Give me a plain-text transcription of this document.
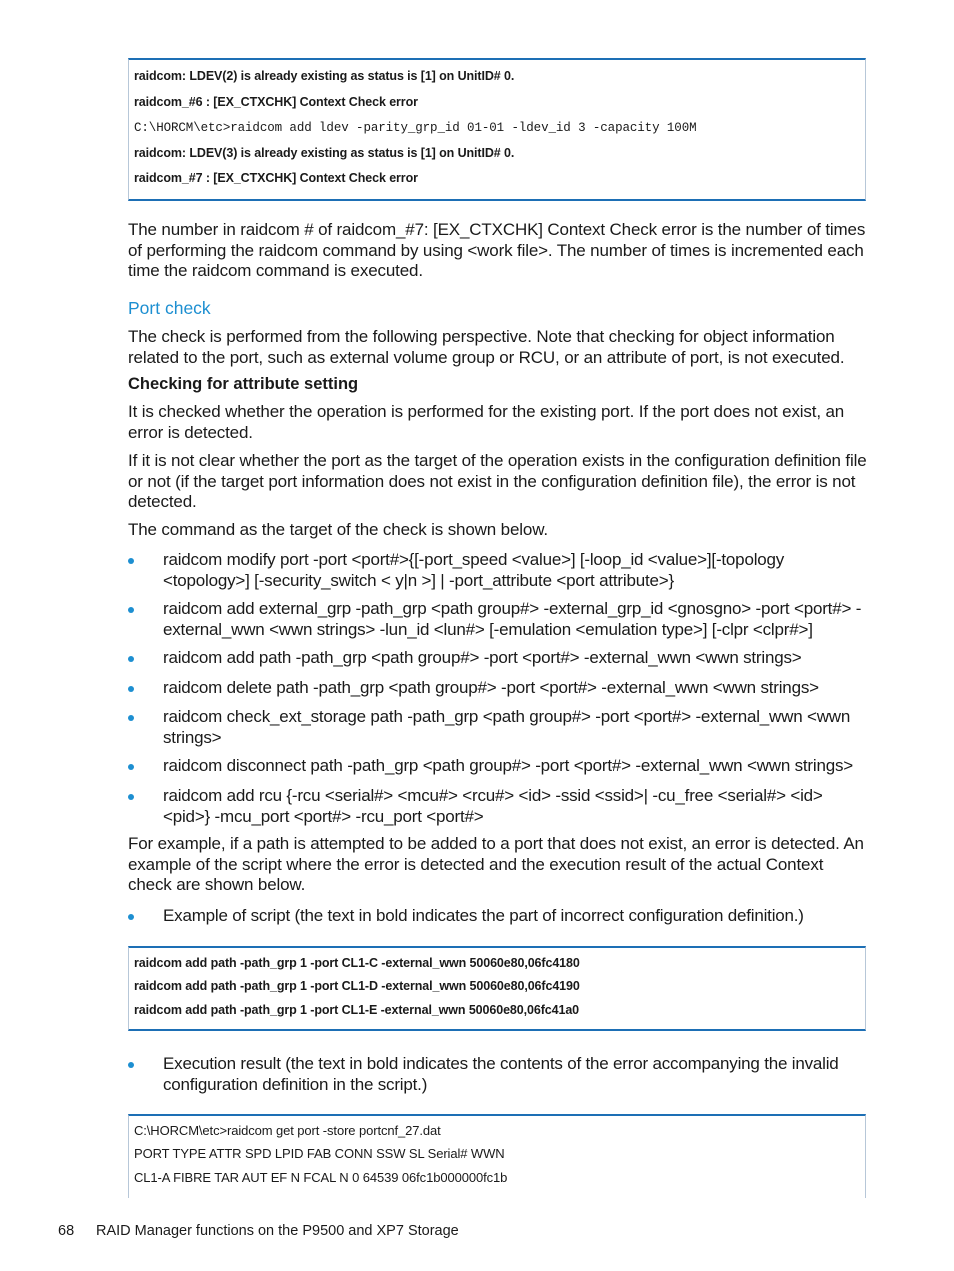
raidcom: LDEV(2) is already existing as status is [1] on UnitID# 0.
raidcom_#6 : [EX_CTXCHK] Context Check error
C:\HORCM\etc>raidcom add ldev -parity_grp_id 01-01 -ldev_id 3 -capacity 100M
raidcom: LDEV(3) is already existing as status is [1] on UnitID# 0.
raidcom_#7 : [EX_CTXCHK] Context Check error
The number in raidcom # of raidcom_#7: [EX_CTXCHK] Context Check error is the number of times of performing the raidcom command by using <work file>. The number of times is incremented each time the raidcom command is executed.
Port check
The check is performed from the following perspective. Note that checking for object information related to the port, such as external volume group or RCU, or an attribute of port, is not executed.
Checking for attribute setting
It is checked whether the operation is performed for the existing port. If the port does not exist, an error is detected.
If it is not clear whether the port as the target of the operation exists in the configuration definition file or not (if the target port information does not exist in the configuration definition file), the error is not detected.
The command as the target of the check is shown below.
raidcom modify port -port <port#>{[-port_speed <value>] [-loop_id <value>][-topology <topology>] [-security_switch < y|n >] | -port_attribute <port attribute>}
raidcom add external_grp -path_grp <path group#> -external_grp_id <gnosgno> -port <port#> -external_wwn <wwn strings> -lun_id <lun#> [-emulation <emulation type>] [-clpr <clpr#>]
raidcom add path -path_grp <path group#> -port <port#> -external_wwn <wwn strings>
raidcom delete path -path_grp <path group#> -port <port#> -external_wwn <wwn strings>
raidcom check_ext_storage path -path_grp <path group#> -port <port#> -external_wwn <wwn strings>
raidcom disconnect path -path_grp <path group#> -port <port#> -external_wwn <wwn strings>
raidcom add rcu {-rcu <serial#> <mcu#> <rcu#> <id> -ssid <ssid>| -cu_free <serial#> <id> <pid>} -mcu_port <port#> -rcu_port <port#>
For example, if a path is attempted to be added to a port that does not exist, an error is detected. An example of the script where the error is detected and the execution result of the actual Context check are shown below.
Example of script (the text in bold indicates the part of incorrect configuration definition.)
raidcom add path -path_grp 1 -port CL1-C -external_wwn 50060e80,06fc4180
raidcom add path -path_grp 1 -port CL1-D -external_wwn 50060e80,06fc4190
raidcom add path -path_grp 1 -port CL1-E -external_wwn 50060e80,06fc41a0
Execution result (the text in bold indicates the contents of the error accompanying the invalid configuration definition in the script.)
C:\HORCM\etc>raidcom get port -store portcnf_27.dat
PORT TYPE ATTR SPD LPID FAB CONN SSW SL Serial# WWN
CL1-A FIBRE TAR AUT EF N FCAL N 0 64539 06fc1b000000fc1b
68 RAID Manager functions on the P9500 and XP7 Storage
